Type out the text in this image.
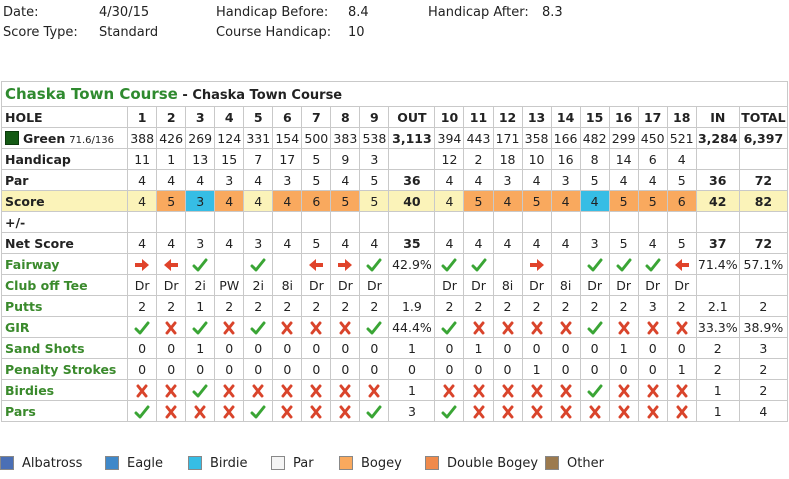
Date:	4/30/15	Handicap Before: 8.4	Handicap After: 8.3
Score Type: Standard	Course Handicap: 10
Chaska Town Course - Chaska Town Course																					
HOLE	1	2	3	4	5	6	7	8	9	OUT	10	11	12	13	14	15	16	17	18	IN	TOTAL
Green 71.6/136	388	426	269	124	331	154	500	383	538	3,113	394	443	171	358	166	482	299	450	521	3,284	6,397
Handicap	11	1	13	15	7	17	5	9	3		12	2	18	10	16	8	14	6	4		
Par	4	4	4	3	4	3	5	4	5	36	4	4	3	4	3	5	4	4	5	36	72
Score	4	5	3	4	4	4	6	5	5	40	4	5	4	5	4	4	5	5	6	42	82
+/-																					
Net Score	4	4	3	4	3	4	5	4	4	35	4	4	4	4	4	3	5	4	5	37	72
Fairway										42.9%										71.4%	57.1%
Club off Tee	Dr	Dr	2i	PW	2i	8i	Dr	Dr	Dr		Dr	Dr	8i	Dr	8i	Dr	Dr	Dr	Dr		
Putts	2	2	1	2	2	2	2	2	2	1.9	2	2	2	2	2	2	2	3	2	2.1	2
GIR										44.4%										33.3%	38.9%
Sand Shots	0	0	1	0	0	0	0	0	0	1	0	1	0	0	0	0	1	0	0	2	3
Penalty Strokes	0	0	0	0	0	0	0	0	0	0	0	0	0	1	0	0	0	0	1	2	2
Birdies										1										1	2
Pars										3										1	4
Albatross	Eagle	Birdie	Par	Bogey	Double Bogey	Other
